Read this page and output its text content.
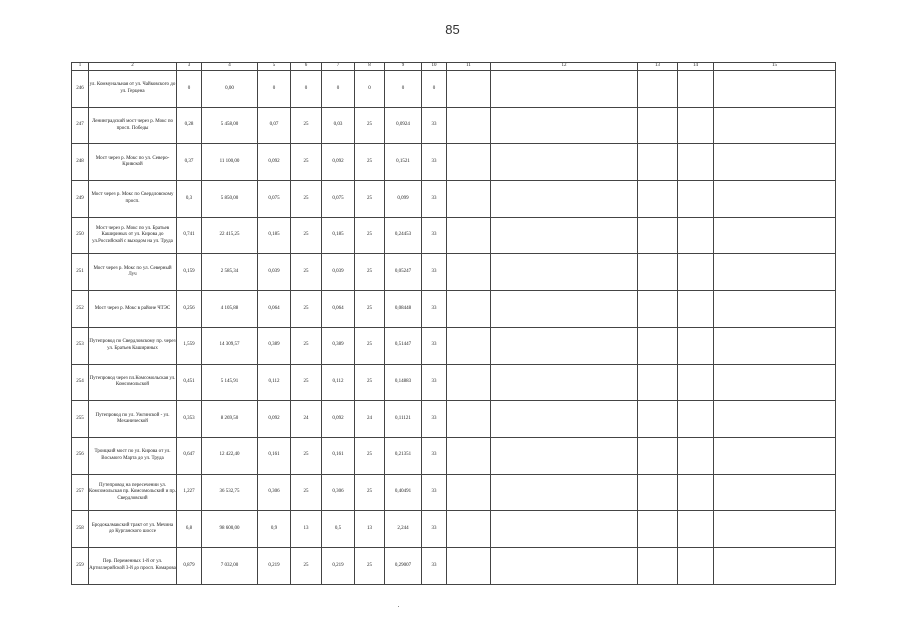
85
1	2	3	4	5	6	7	8	9	10	11	12	13	14	15
246	ул. Коммунальная от ул. Чайковского до ул. Герцена	0	0,00	0	0	0	0	0	0					
247	Ленинградский мост через р. Мокс по просп. Победы	0,28	5 458,00	0,07	25	0,03	25	0,0924	33					
248	Мост через р. Мокс по ул. Северо-Кривской	0,37	11 100,00	0,092	25	0,092	25	0,1521	33					
249	Мост через р. Мокс по Свердловскому просп.	0,3	5 850,00	0,075	25	0,075	25	0,099	33					
250	Мост через р. Мокс по ул. Братьев Кашириных от ул. Кирова до ул.Российской с выходом на ул. Труда	0,741	22 415,25	0,185	25	0,185	25	0,24453	33					
251	Мост через р. Мокс по ул. Северный Луч	0,159	2 585,34	0,039	25	0,039	25	0,05247	33					
252	Мост через р. Мокс в районе ЧТЭС	0,256	4 105,88	0,064	25	0,064	25	0,08448	33					
253	Путепровод по Свердловскому пр. через ул. Братьев Кашириных	1,559	14 309,57	0,389	25	0,389	25	0,51447	33					
254	Путепровод через пл.Комсомольская ул. Комсомольской	0,451	5 145,91	0,112	25	0,112	25	0,14883	33					
255	Путепровод по ул. Ужгинской - ул. Механической	0,353	8 269,50	0,092	24	0,092	24	0,11121	33					
256	Троицкий мост по ул. Кирова от ул. Восьмого Марта до ул. Труда	0,647	12 422,40	0,161	25	0,161	25	0,21351	33					
257	Путепровод на пересечении ул. Комсомольская пр. Комсомольский и пр. Свердловский	1,227	36 532,75	0,306	25	0,306	25	0,40491	33					
258	Бродокалмакский тракт от ул. Мечина до Курганского шоссе	6,8	98 600,00	0,9	13	0,5	13	2,244	33					
259	Пер. Переменных 1-й от ул. Артиллерийской 3-й до просп. Комарова	0,879	7 032,00	0,219	25	0,219	25	0,29007	33					
